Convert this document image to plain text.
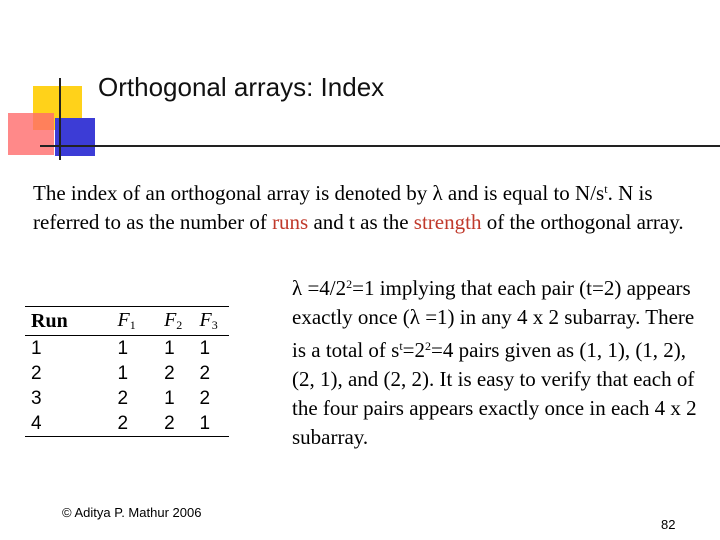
Orthogonal arrays: Index
The index of an orthogonal array is denoted by λ and is equal to $N/s^t$. N is referred to as the number of runs and t as the strength of the orthogonal array.
Run	$F_1$	$F_2$	$F_3$
1	1	1	1
2	1	2	2
3	2	1	2
4	2	2	1
$\lambda =4/2^2=1$ implying that each pair (t=2) appears exactly once (λ =1) in any 4 x 2 subarray. There is a total of $s^t=2^2=4$ pairs given as (1, 1), (1, 2), (2, 1), and (2, 2). It is easy to verify that each of the four pairs appears exactly once in each 4 x 2 subarray.
© Aditya P. Mathur 2006
82
